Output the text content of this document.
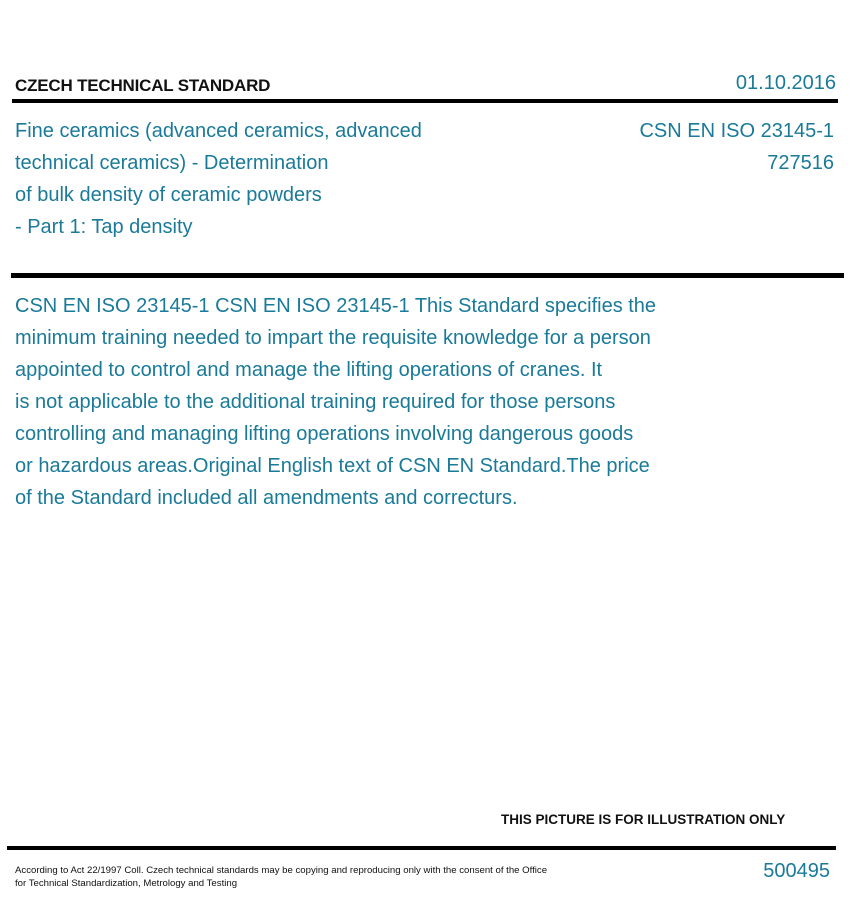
CZECH TECHNICAL STANDARD	01.10.2016
Fine ceramics (advanced ceramics, advanced
technical ceramics) - Determination
of bulk density of ceramic powders
- Part 1: Tap density
CSN EN ISO 23145-1
727516
CSN EN ISO 23145-1 CSN EN ISO 23145-1 This Standard specifies the
minimum training needed to impart the requisite knowledge for a person
appointed to control and manage the lifting operations of cranes. It
is not applicable to the additional training required for those persons
controlling and managing lifting operations involving dangerous goods
or hazardous areas.Original English text of CSN EN Standard.The price
of the Standard included all amendments and correcturs.
THIS PICTURE IS FOR ILLUSTRATION ONLY
According to Act 22/1997 Coll. Czech technical standards may be copying and reproducing only with the consent of the Office
for Technical Standardization, Metrology and Testing
500495
